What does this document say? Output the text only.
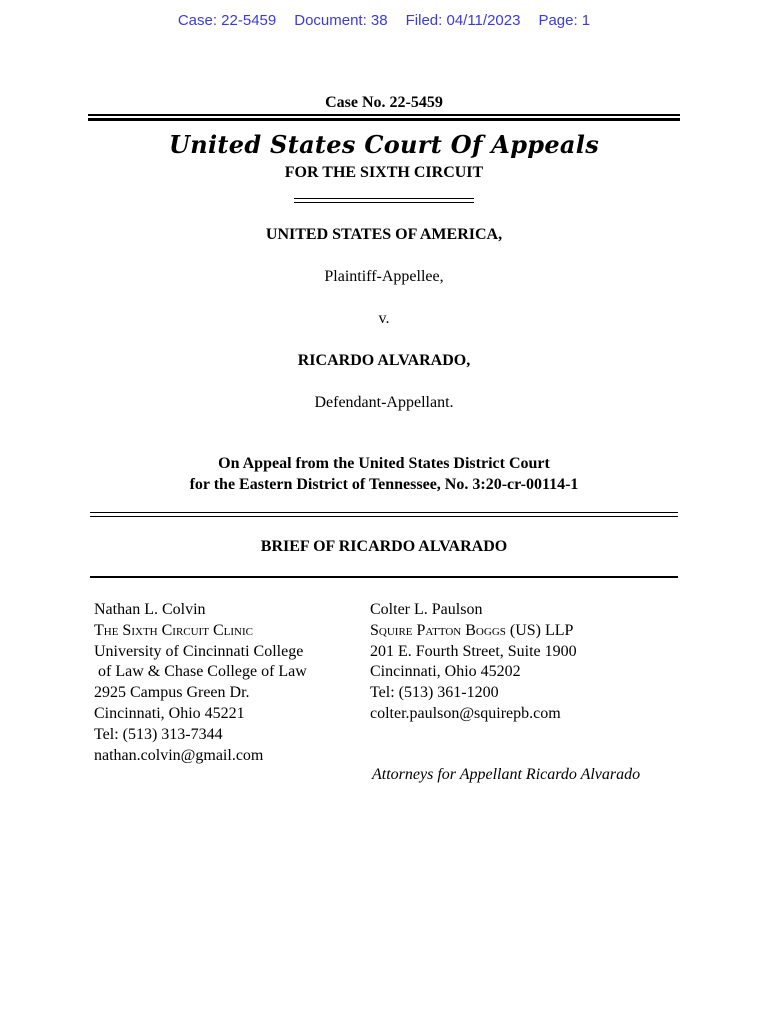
Case: 22-5459 Document: 38 Filed: 04/11/2023 Page: 1
Case No. 22-5459
United States Court Of Appeals
FOR THE SIXTH CIRCUIT
UNITED STATES OF AMERICA,
Plaintiff-Appellee,
v.
RICARDO ALVARADO,
Defendant-Appellant.
On Appeal from the United States District Court
for the Eastern District of Tennessee, No. 3:20-cr-00114-1
BRIEF OF RICARDO ALVARADO
Nathan L. Colvin
The Sixth Circuit Clinic
University of Cincinnati College
of Law & Chase College of Law
2925 Campus Green Dr.
Cincinnati, Ohio 45221
Tel: (513) 313-7344
nathan.colvin@gmail.com
Colter L. Paulson
Squire Patton Boggs (US) LLP
201 E. Fourth Street, Suite 1900
Cincinnati, Ohio 45202
Tel: (513) 361-1200
colter.paulson@squirepb.com
Attorneys for Appellant Ricardo Alvarado
